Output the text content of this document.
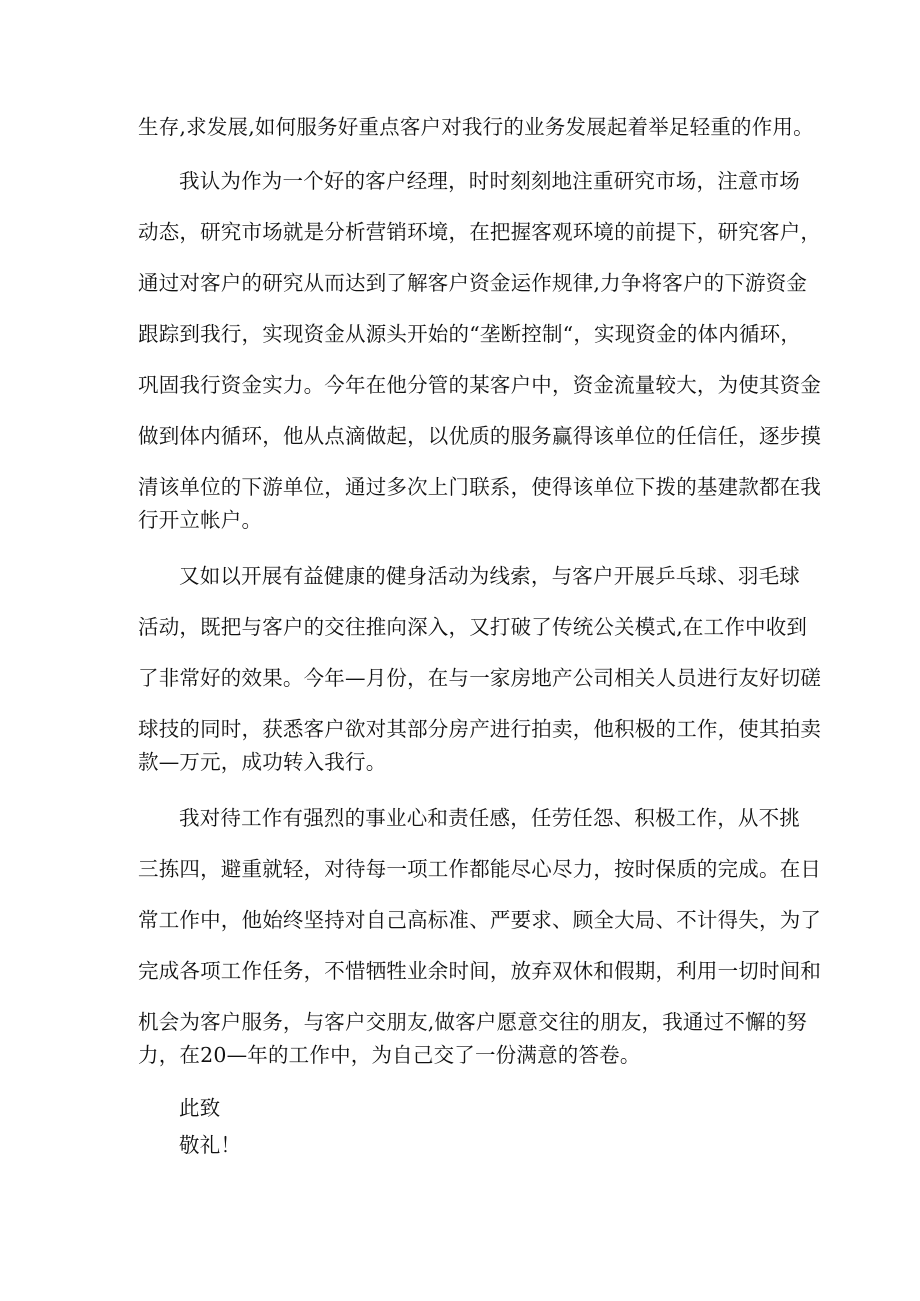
生存,求发展,如何服务好重点客户对我行的业务发展起着举足轻重的作用。
我认为作为一个好的客户经理，时时刻刻地注重研究市场，注意市场
动态，研究市场就是分析营销环境，在把握客观环境的前提下，研究客户，
通过对客户的研究从而达到了解客户资金运作规律,力争将客户的下游资金
跟踪到我行，实现资金从源头开始的“垄断控制“，实现资金的体内循环，
巩固我行资金实力。今年在他分管的某客户中，资金流量较大，为使其资金
做到体内循环，他从点滴做起，以优质的服务赢得该单位的任信任，逐步摸
清该单位的下游单位，通过多次上门联系，使得该单位下拨的基建款都在我
行开立帐户。
又如以开展有益健康的健身活动为线索，与客户开展乒乓球、羽毛球
活动，既把与客户的交往推向深入，又打破了传统公关模式,在工作中收到
了非常好的效果。今年—月份，在与一家房地产公司相关人员进行友好切磋
球技的同时，获悉客户欲对其部分房产进行拍卖，他积极的工作，使其拍卖
款—万元，成功转入我行。
我对待工作有强烈的事业心和责任感，任劳任怨、积极工作，从不挑
三拣四，避重就轻，对待每一项工作都能尽心尽力，按时保质的完成。在日
常工作中，他始终坚持对自己高标准、严要求、顾全大局、不计得失，为了
完成各项工作任务，不惜牺牲业余时间，放弃双休和假期，利用一切时间和
机会为客户服务，与客户交朋友,做客户愿意交往的朋友，我通过不懈的努
力，在20—年的工作中，为自己交了一份满意的答卷。
此致
敬礼！
